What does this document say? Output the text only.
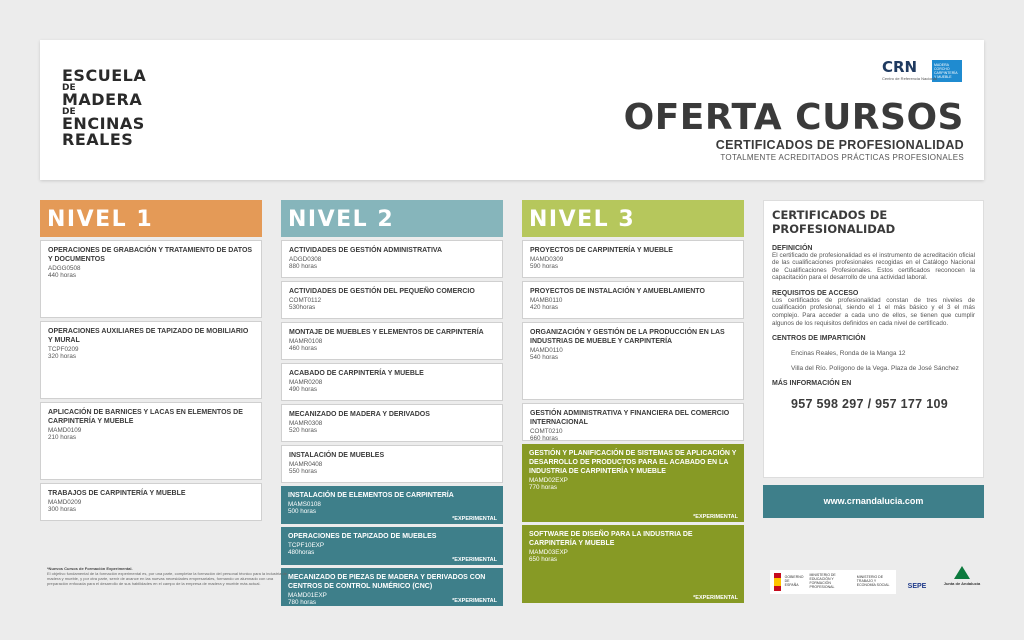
ESCUELA
DE
MADERA
DE
ENCINAS
REALES
CRN	MADERA CORCHO CARPINTERÍA Y MUEBLE
Centro de Referencia Nacional
OFERTA CURSOS
CERTIFICADOS DE PROFESIONALIDAD
TOTALMENTE ACREDITADOS PRÁCTICAS PROFESIONALES
NIVEL 1
OPERACIONES DE GRABACIÓN Y TRATAMIENTO DE DATOS Y DOCUMENTOS
ADGG0508
440 horas
OPERACIONES AUXILIARES DE TAPIZADO DE MOBILIARIO Y MURAL
TCPF0209
320 horas
APLICACIÓN DE BARNICES Y LACAS EN ELEMENTOS DE CARPINTERÍA Y MUEBLE
MAMD0109
210 horas
TRABAJOS DE CARPINTERÍA Y MUEBLE
MAMD0209
300 horas
NIVEL 2
ACTIVIDADES DE GESTIÓN ADMINISTRATIVA
ADGD0308
880 horas
ACTIVIDADES DE GESTIÓN DEL PEQUEÑO COMERCIO
COMT0112
530horas
MONTAJE DE MUEBLES Y ELEMENTOS DE CARPINTERÍA
MAMR0108
460 horas
ACABADO DE CARPINTERÍA Y MUEBLE
MAMR0208
490 horas
MECANIZADO DE MADERA Y DERIVADOS
MAMR0308
520 horas
INSTALACIÓN DE MUEBLES
MAMR0408
550 horas
INSTALACIÓN DE ELEMENTOS DE CARPINTERÍA
MAMS0108
500 horas
*EXPERIMENTAL
OPERACIONES DE TAPIZADO DE MUEBLES
TCPF10EXP
480horas
*EXPERIMENTAL
MECANIZADO DE PIEZAS DE MADERA Y DERIVADOS CON CENTROS DE CONTROL NUMÉRICO (CNC)
MAMD01EXP
780 horas	*EXPERIMENTAL
NIVEL 3
PROYECTOS DE CARPINTERÍA Y MUEBLE
MAMD0309
590 horas
PROYECTOS DE INSTALACIÓN Y AMUEBLAMIENTO
MAMB0110
420 horas
ORGANIZACIÓN Y GESTIÓN DE LA PRODUCCIÓN EN LAS INDUSTRIAS DE MUEBLE Y CARPINTERÍA
MAMD0110
540 horas
GESTIÓN ADMINISTRATIVA Y FINANCIERA DEL COMERCIO INTERNACIONAL
COMT0210
660 horas
GESTIÓN Y PLANIFICACIÓN DE SISTEMAS DE APLICACIÓN Y DESARROLLO DE PRODUCTOS PARA EL ACABADO EN LA INDUSTRIA DE CARPINTERÍA Y MUEBLE
MAMD02EXP
770 horas
*EXPERIMENTAL
SOFTWARE DE DISEÑO PARA LA INDUSTRIA DE CARPINTERÍA Y MUEBLE
MAMD03EXP
650 horas
*EXPERIMENTAL
CERTIFICADOS DE PROFESIONALIDAD
DEFINICIÓN

El certificado de profesionalidad es el instrumento de acreditación oficial de las cualificaciones profesionales recogidas en el Catálogo Nacional de Cualificaciones Profesionales. Estos certificados reconocen la capacitación para el desarrollo de una actividad laboral.

REQUISITOS DE ACCESO

Los certificados de profesionalidad constan de tres niveles de cualificación profesional, siendo el 1 el más básico y el 3 el más complejo. Para acceder a cada uno de ellos, se tienen que cumplir algunos de los requisitos definidos en cada nivel de certificado.

CENTROS DE IMPARTICIÓN
Encinas Reales, Ronda de la Manga 12
Villa del Río. Polígono de la Vega. Plaza de José Sánchez
MÁS INFORMACIÓN EN
957 598 297 / 957 177 109
www.crnandalucia.com
*Nuevos Cursos de Formación Experimental.
El objetivo fundamental de la formación experimental es, por una parte, completar la formación del personal técnico para la industria de madera y mueble, y por otra parte, servir de avance en las nuevas necesidades empresariales, formando un alumnado con una preparación enfocada para el desarrollo de sus habilidades en el campo de la empresa de madera y mueble más actual.
GOBIERNO DE ESPAÑA
MINISTERIO DE EDUCACIÓN Y FORMACIÓN PROFESIONAL
MINISTERIO DE TRABAJO Y ECONOMÍA SOCIAL	SEPE	Junta de Andalucía
